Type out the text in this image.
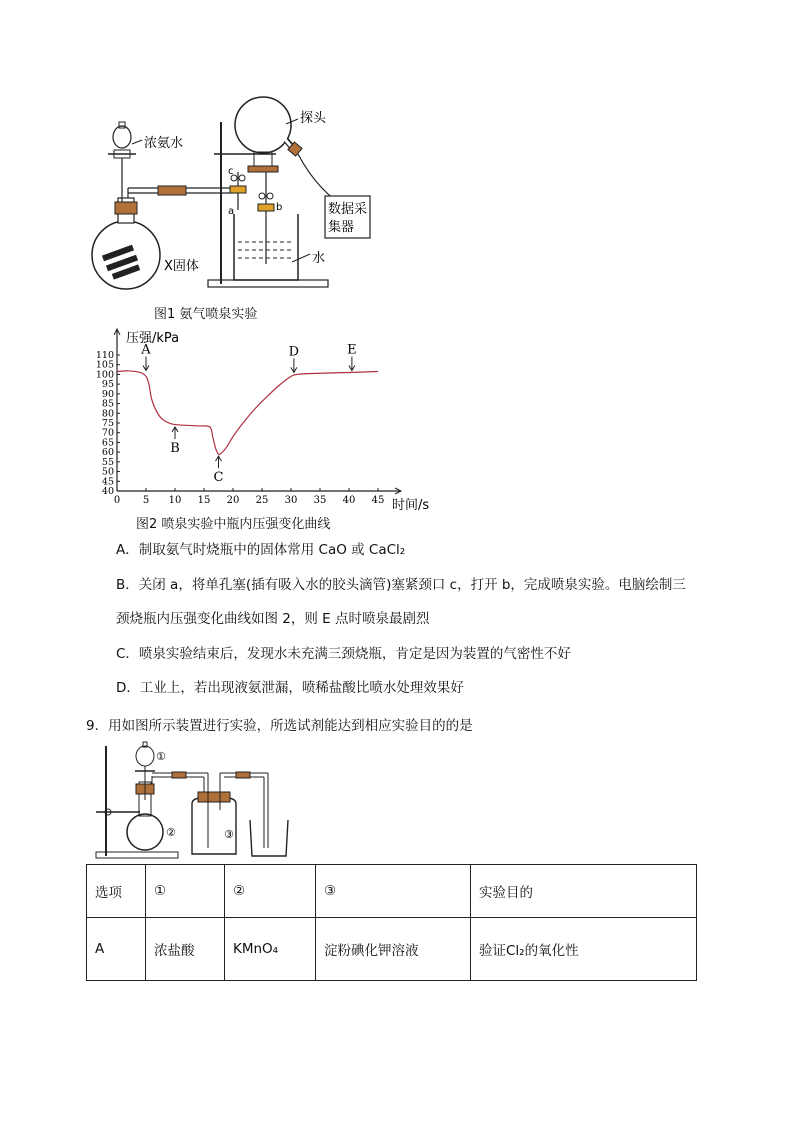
浓氨水
探头
X固体
数据采
集器
水
a	b
c
图1 氨气喷泉实验
0 5 10 15 20 25 30 35 40 45
110
105
100
95
90
85
80
75
70
65
60
55
50
45
40
A
B
C
D	E
压强/kPa
时间/s
图2 喷泉实验中瓶内压强变化曲线
A．制取氨气时烧瓶中的固体常用 CaO 或 CaCl₂
B．关闭 a，将单孔塞(插有吸入水的胶头滴管)塞紧颈口 c，打开 b，完成喷泉实验。电脑绘制三
颈烧瓶内压强变化曲线如图 2，则 E 点时喷泉最剧烈
C．喷泉实验结束后，发现水未充满三颈烧瓶，肯定是因为装置的气密性不好
D．工业上，若出现液氨泄漏，喷稀盐酸比喷水处理效果好
9．用如图所示装置进行实验，所选试剂能达到相应实验目的的是
①
②	③
选项	①	②	③	实验目的
A	浓盐酸	KMnO₄	淀粉碘化钾溶液	验证Cl₂的氧化性
